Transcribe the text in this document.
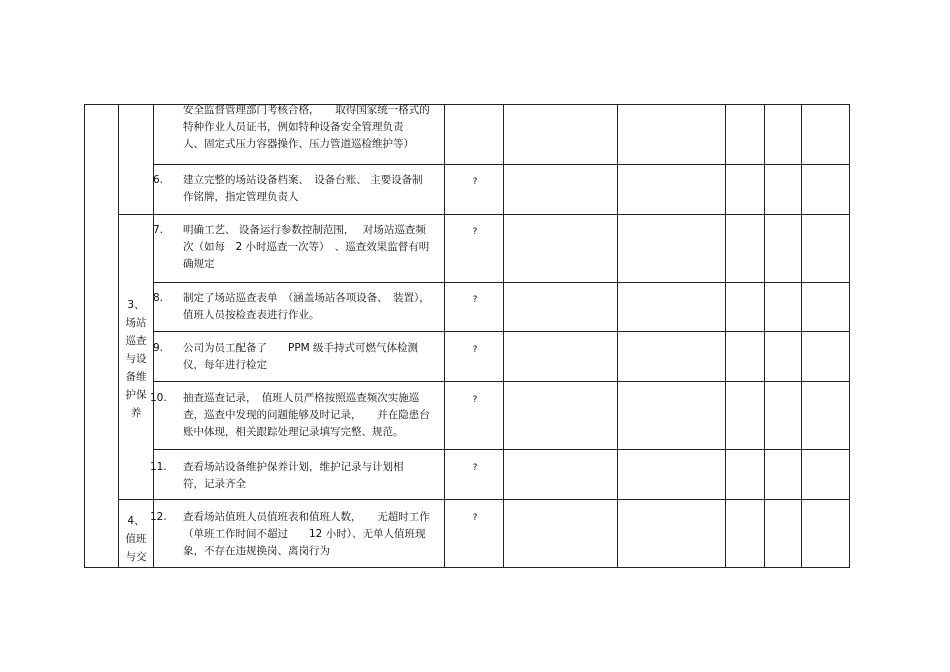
3、
场站
巡查
与设
备维
护保
养
4、
值班
与交
安全监督管理部门考核合格，　　取得国家统一格式的
特种作业人员证书，例如特种设备安全管理负责
人、固定式压力容器操作、压力管道巡检维护等）
6. 建立完整的场站设备档案、　设备台账、 主要设备制
作铭牌，指定管理负责人
?
7. 明确工艺、 设备运行参数控制范围，　 对场站巡查频
次（如每　2 小时巡查一次等）　、巡查效果监督有明
确规定
?
8. 制定了场站巡查表单　（涵盖场站各项设备、　装置），
值班人员按检查表进行作业。
?
9. 公司为员工配备了　　PPM 级手持式可燃气体检测
仪，每年进行检定
?
10. 抽查巡查记录，　值班人员严格按照巡查频次实施巡
查，巡查中发现的问题能够及时记录，　　并在隐患台
账中体现，相关跟踪处理记录填写完整、规范。
?
11. 查看场站设备维护保养计划，维护记录与计划相
符，记录齐全
?
12. 查看场站值班人员值班表和值班人数，　　无超时工作
（单班工作时间不超过　　12 小时）、无单人值班现
象，不存在违规换岗、离岗行为
?
